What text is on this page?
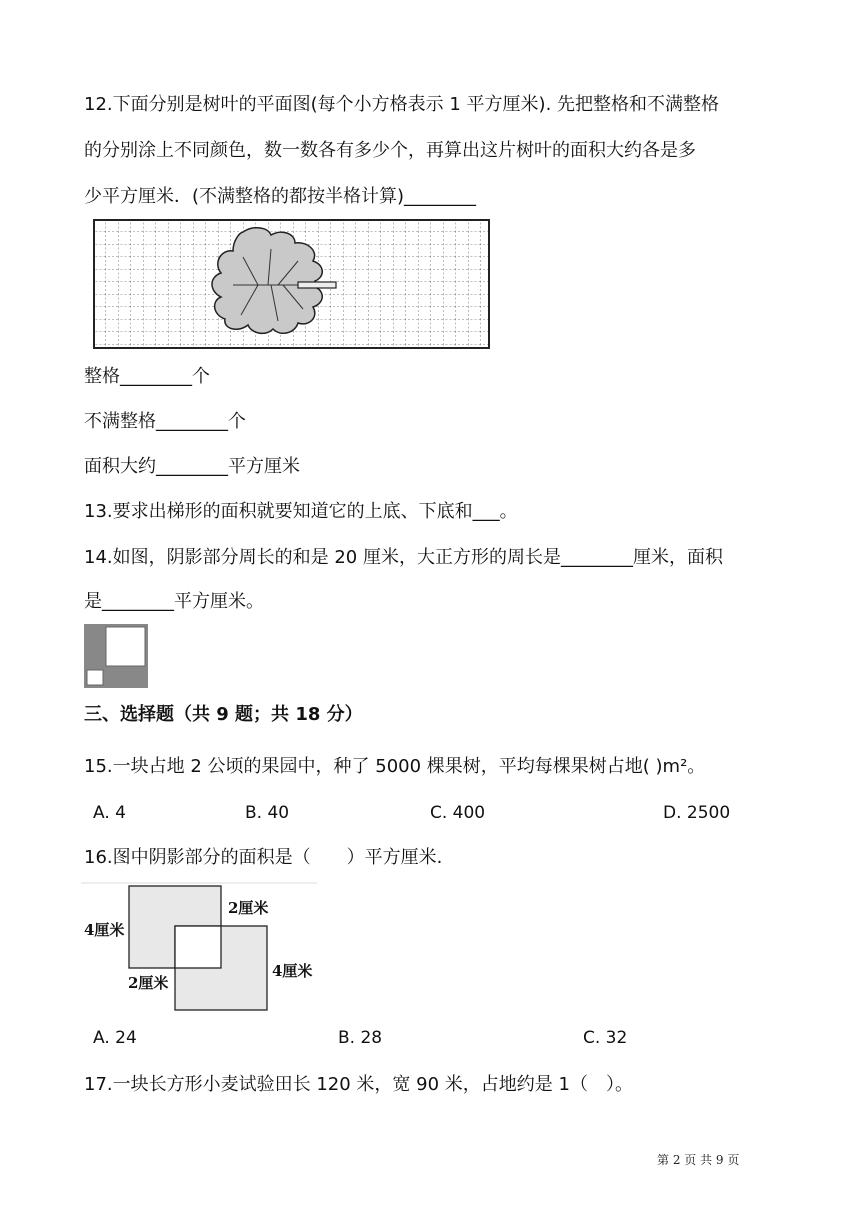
12.下面分别是树叶的平面图(每个小方格表示 1 平方厘米). 先把整格和不满整格
的分别涂上不同颜色，数一数各有多少个，再算出这片树叶的面积大约各是多
少平方厘米．(不满整格的都按半格计算)________
整格________个
不满整格________个
面积大约________平方厘米
13.要求出梯形的面积就要知道它的上底、下底和___。
14.如图，阴影部分周长的和是 20 厘米，大正方形的周长是________厘米，面积
是________平方厘米。
三、选择题（共 9 题；共 18 分）
15.一块占地 2 公顷的果园中，种了 5000 棵果树，平均每棵果树占地( )m²。
A. 4	B. 40	C. 400	D. 2500
16.图中阴影部分的面积是（　　）平方厘米.
4厘米
2厘米
2厘米
4厘米
A. 24	B. 28	C. 32
17.一块长方形小麦试验田长 120 米，宽 90 米，占地约是 1（　）。
第 2 页 共 9 页
